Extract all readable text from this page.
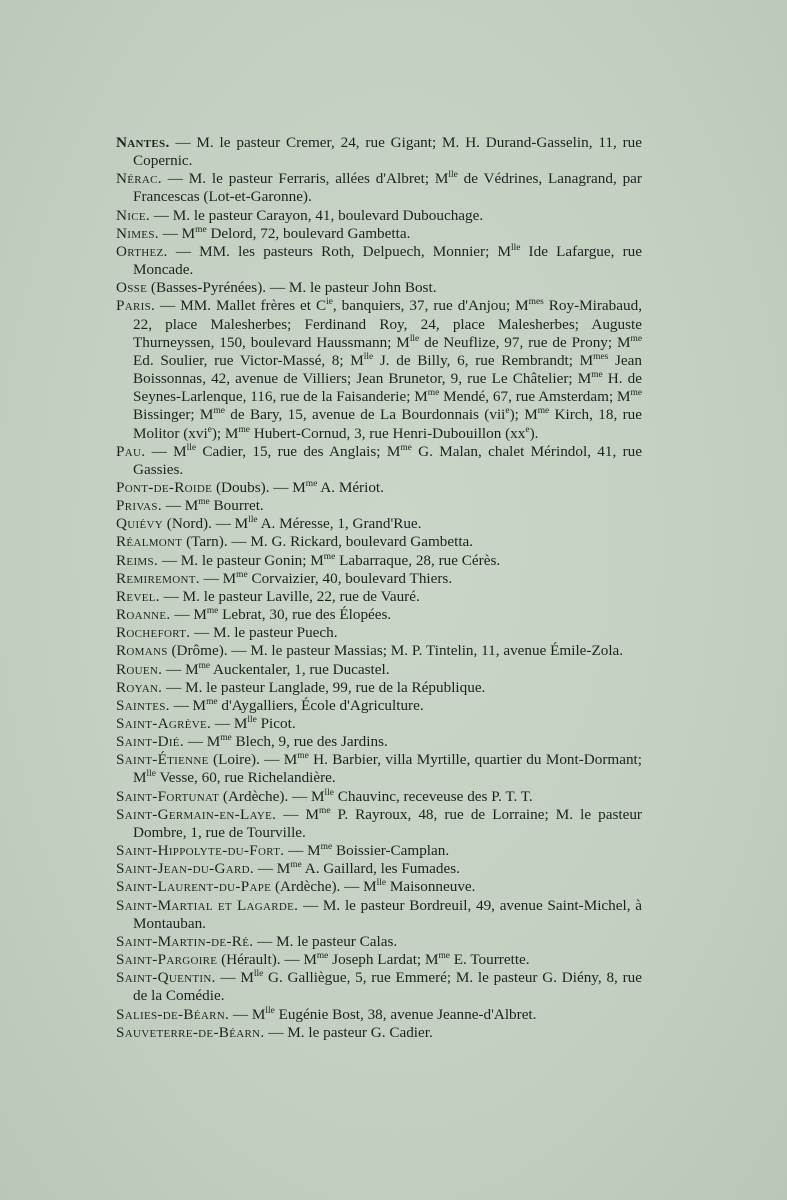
Nantes. — M. le pasteur Cremer, 24, rue Gigant; M. H. Durand-Gasselin, 11, rue Copernic.
Nérac. — M. le pasteur Ferraris, allées d'Albret; $M^{lle}$ de Védrines, Lanagrand, par Francescas (Lot-et-Garonne).
Nice. — M. le pasteur Carayon, 41, boulevard Dubouchage.
Nimes. — $M^{me}$ Delord, 72, boulevard Gambetta.
Orthez. — MM. les pasteurs Roth, Delpuech, Monnier; $M^{lle}$ Ide Lafargue, rue Moncade.
Osse (Basses-Pyrénées). — M. le pasteur John Bost.
Paris. — MM. Mallet frères et $C^{ie}$, banquiers, 37, rue d'Anjou; $M^{mes}$ Roy-Mirabaud, 22, place Malesherbes; Ferdinand Roy, 24, place Malesherbes; Auguste Thurneyssen, 150, boulevard Haussmann; $M^{lle}$ de Neuflize, 97, rue de Prony; $M^{me}$ Ed. Soulier, rue Victor-Massé, 8; $M^{lle}$ J. de Billy, 6, rue Rembrandt; $M^{mes}$ Jean Boissonnas, 42, avenue de Villiers; Jean Brunetor, 9, rue Le Châtelier; $M^{me}$ H. de Seynes-Larlenque, 116, rue de la Faisanderie; $M^{me}$ Mendé, 67, rue Amsterdam; $M^{me}$ Bissinger; $M^{me}$ de Bary, 15, avenue de La Bourdonnais (vii$^e$); $M^{me}$ Kirch, 18, rue Molitor (xvi$^e$); $M^{me}$ Hubert-Cornud, 3, rue Henri-Dubouillon $(xx^e)$.
Pau. — $M^{lle}$ Cadier, 15, rue des Anglais; $M^{me}$ G. Malan, chalet Mérindol, 41, rue Gassies.
Pont-de-Roide (Doubs). — $M^{me}$ A. Mériot.
Privas. — $M^{me}$ Bourret.
Quiévy (Nord). — $M^{lle}$ A. Méresse, 1, Grand'Rue.
Réalmont (Tarn). — M. G. Rickard, boulevard Gambetta.
Reims. — M. le pasteur Gonin; $M^{me}$ Labarraque, 28, rue Cérès.
Remiremont. — $M^{me}$ Corvaizier, 40, boulevard Thiers.
Revel. — M. le pasteur Laville, 22, rue de Vauré.
Roanne. — $M^{me}$ Lebrat, 30, rue des Élopées.
Rochefort. — M. le pasteur Puech.
Romans (Drôme). — M. le pasteur Massias; M. P. Tintelin, 11, avenue Émile-Zola.
Rouen. — $M^{me}$ Auckentaler, 1, rue Ducastel.
Royan. — M. le pasteur Langlade, 99, rue de la République.
Saintes. — $M^{me}$ d'Aygalliers, École d'Agriculture.
Saint-Agrève. — $M^{lle}$ Picot.
Saint-Dié. — $M^{me}$ Blech, 9, rue des Jardins.
Saint-Étienne (Loire). — $M^{me}$ H. Barbier, villa Myrtille, quartier du Mont-Dormant; $M^{lle}$ Vesse, 60, rue Richelandière.
Saint-Fortunat (Ardèche). — $M^{lle}$ Chauvinc, receveuse des P. T. T.
Saint-Germain-en-Laye. — $M^{me}$ P. Rayroux, 48, rue de Lorraine; M. le pasteur Dombre, 1, rue de Tourville.
Saint-Hippolyte-du-Fort. — $M^{me}$ Boissier-Camplan.
Saint-Jean-du-Gard. — $M^{me}$ A. Gaillard, les Fumades.
Saint-Laurent-du-Pape (Ardèche). — $M^{lle}$ Maisonneuve.
Saint-Martial et Lagarde. — M. le pasteur Bordreuil, 49, avenue Saint-Michel, à Montauban.
Saint-Martin-de-Ré. — M. le pasteur Calas.
Saint-Pargoire (Hérault). — $M^{me}$ Joseph Lardat; $M^{me}$ E. Tourrette.
Saint-Quentin. — $M^{lle}$ G. Galliègue, 5, rue Emmeré; M. le pasteur G. Diény, 8, rue de la Comédie.
Salies-de-Béarn. — $M^{lle}$ Eugénie Bost, 38, avenue Jeanne-d'Albret.
Sauveterre-de-Béarn. — M. le pasteur G. Cadier.
